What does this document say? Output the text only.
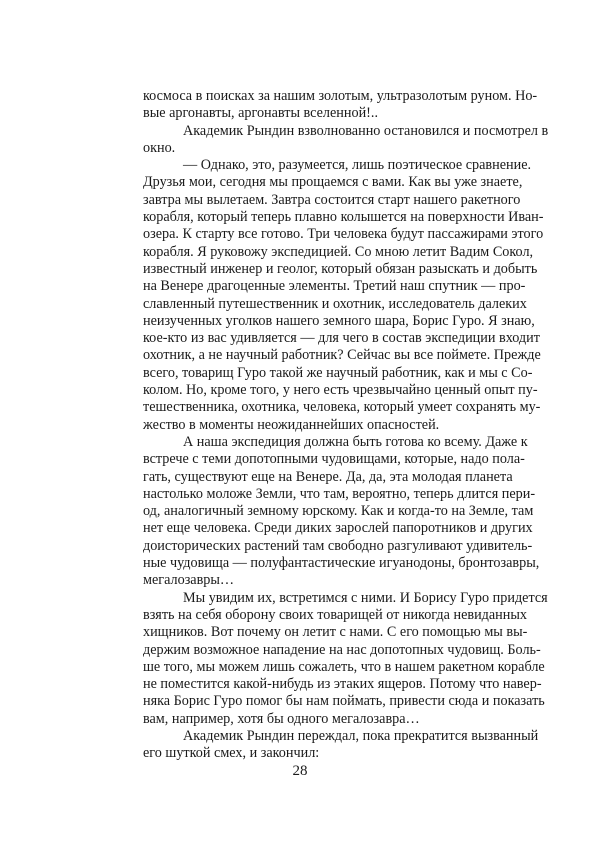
космоса в поисках за нашим золотым, ультразолотым руном. Но-
вые аргонавты, аргонавты вселенной!..
Академик Рындин взволнованно остановился и посмотрел в
окно.
— Однако, это, разумеется, лишь поэтическое сравнение.
Друзья мои, сегодня мы прощаемся с вами. Как вы уже знаете,
завтра мы вылетаем. Завтра состоится старт нашего ракетного
корабля, который теперь плавно колышется на поверхности Иван-
озера. К старту все готово. Три человека будут пассажирами этого
корабля. Я руковожу экспедицией. Со мною летит Вадим Сокол,
известный инженер и геолог, который обязан разыскать и добыть
на Венере драгоценные элементы. Третий наш спутник — про-
славленный путешественник и охотник, исследователь далеких
неизученных уголков нашего земного шара, Борис Гуро. Я знаю,
кое-кто из вас удивляется — для чего в состав экспедиции входит
охотник, а не научный работник? Сейчас вы все поймете. Прежде
всего, товарищ Гуро такой же научный работник, как и мы с Со-
колом. Но, кроме того, у него есть чрезвычайно ценный опыт пу-
тешественника, охотника, человека, который умеет сохранять му-
жество в моменты неожиданнейших опасностей.
А наша экспедиция должна быть готова ко всему. Даже к
встрече с теми допотопными чудовищами, которые, надо пола-
гать, существуют еще на Венере. Да, да, эта молодая планета
настолько моложе Земли, что там, вероятно, теперь длится пери-
од, аналогичный земному юрскому. Как и когда-то на Земле, там
нет еще человека. Среди диких зарослей папоротников и других
доисторических растений там свободно разгуливают удивитель-
ные чудовища — полуфантастические игуанодоны, бронтозавры,
мегалозавры…
Мы увидим их, встретимся с ними. И Борису Гуро придется
взять на себя оборону своих товарищей от никогда невиданных
хищников. Вот почему он летит с нами. С его помощью мы вы-
держим возможное нападение на нас допотопных чудовищ. Боль-
ше того, мы можем лишь сожалеть, что в нашем ракетном корабле
не поместится какой-нибудь из этаких ящеров. Потому что навер-
няка Борис Гуро помог бы нам поймать, привести сюда и показать
вам, например, хотя бы одного мегалозавра…
Академик Рындин переждал, пока прекратится вызванный
его шуткой смех, и закончил:
28
